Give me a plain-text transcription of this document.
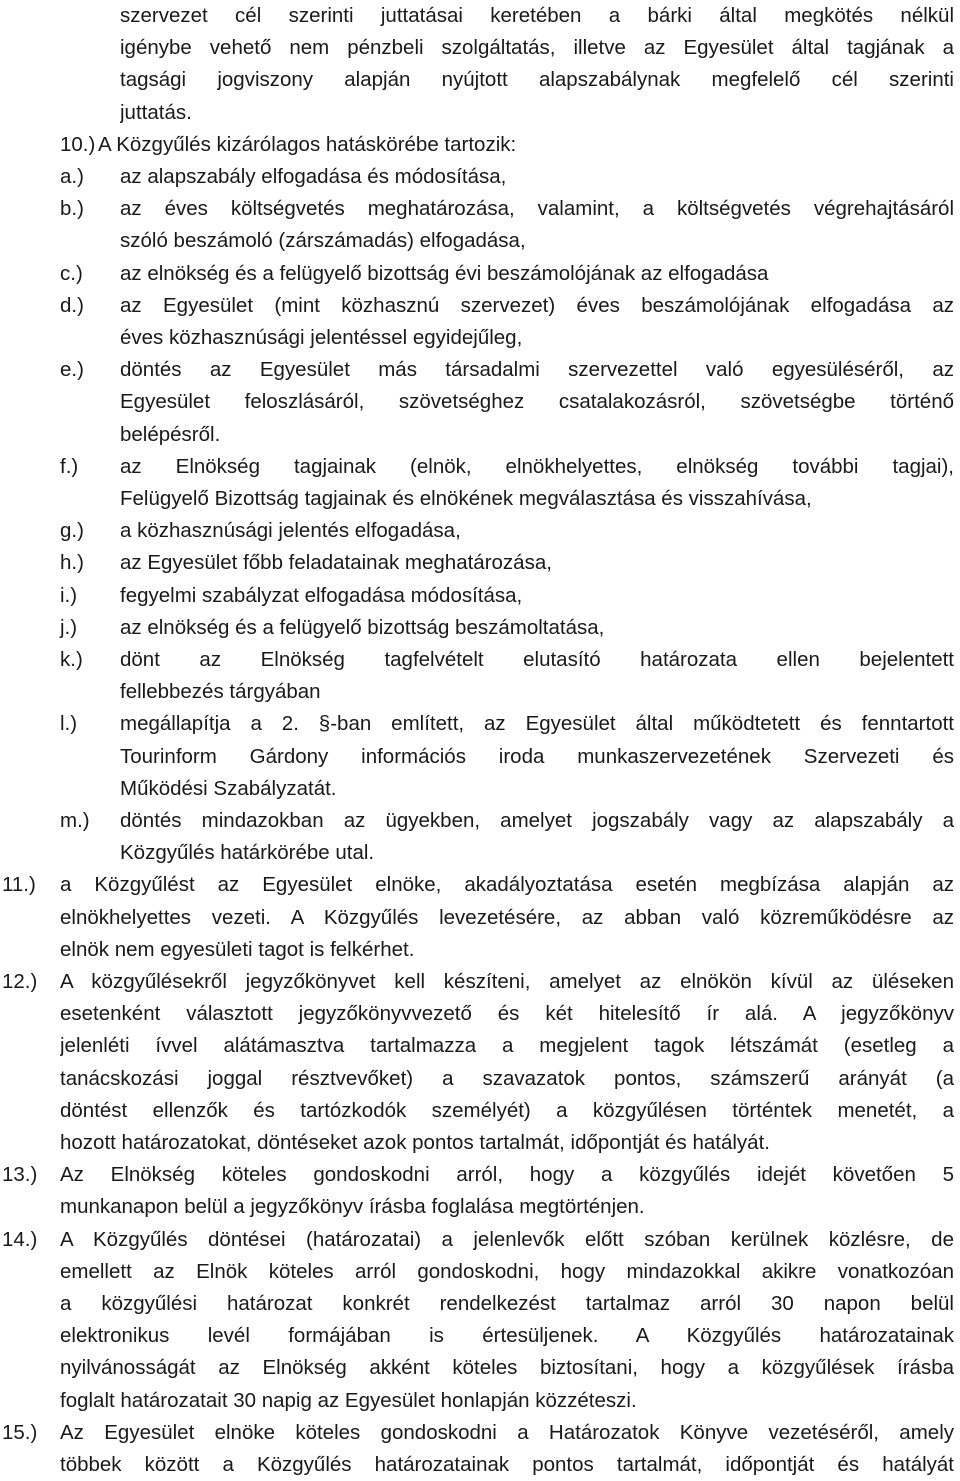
szervezet cél szerinti juttatásai keretében a bárki által megkötés nélkül
igénybe vehető nem pénzbeli szolgáltatás, illetve az Egyesület által tagjának a
tagsági jogviszony alapján nyújtott alapszabálynak megfelelő cél szerinti
juttatás.
10.) A Közgyűlés kizárólagos hatáskörébe tartozik:
a.) az alapszabály elfogadása és módosítása,
b.) az éves költségvetés meghatározása, valamint, a költségvetés végrehajtásáról
szóló beszámoló (zárszámadás) elfogadása,
c.) az elnökség és a felügyelő bizottság évi beszámolójának az elfogadása
d.) az Egyesület (mint közhasznú szervezet) éves beszámolójának elfogadása az
éves közhasznúsági jelentéssel egyidejűleg,
e.) döntés az Egyesület más társadalmi szervezettel való egyesüléséről, az
Egyesület feloszlásáról, szövetséghez csatalakozásról, szövetségbe történő
belépésről.
f.) az Elnökség tagjainak (elnök, elnökhelyettes, elnökség további tagjai),
Felügyelő Bizottság tagjainak és elnökének megválasztása és visszahívása,
g.) a közhasznúsági jelentés elfogadása,
h.) az Egyesület főbb feladatainak meghatározása,
i.) fegyelmi szabályzat elfogadása módosítása,
j.) az elnökség és a felügyelő bizottság beszámoltatása,
k.) dönt az Elnökség tagfelvételt elutasító határozata ellen bejelentett
fellebbezés tárgyában
l.) megállapítja a 2. §-ban említett, az Egyesület által működtetett és fenntartott
Tourinform Gárdony információs iroda munkaszervezetének Szervezeti és
Működési Szabályzatát.
m.) döntés mindazokban az ügyekben, amelyet jogszabály vagy az alapszabály a
Közgyűlés határkörébe utal.
11.) a Közgyűlést az Egyesület elnöke, akadályoztatása esetén megbízása alapján az
elnökhelyettes vezeti. A Közgyűlés levezetésére, az abban való közreműködésre az
elnök nem egyesületi tagot is felkérhet.
12.) A közgyűlésekről jegyzőkönyvet kell készíteni, amelyet az elnökön kívül az üléseken
esetenként választott jegyzőkönyvvezető és két hitelesítő ír alá. A jegyzőkönyv
jelenléti ívvel alátámasztva tartalmazza a megjelent tagok létszámát (esetleg a
tanácskozási joggal résztvevőket) a szavazatok pontos, számszerű arányát (a
döntést ellenzők és tartózkodók személyét) a közgyűlésen történtek menetét, a
hozott határozatokat, döntéseket azok pontos tartalmát, időpontját és hatályát.
13.) Az Elnökség köteles gondoskodni arról, hogy a közgyűlés idejét követően 5
munkanapon belül a jegyzőkönyv írásba foglalása megtörténjen.
14.) A Közgyűlés döntései (határozatai) a jelenlevők előtt szóban kerülnek közlésre, de
emellett az Elnök köteles arról gondoskodni, hogy mindazokkal akikre vonatkozóan
a közgyűlési határozat konkrét rendelkezést tartalmaz arról 30 napon belül
elektronikus levél formájában is értesüljenek. A Közgyűlés határozatainak
nyilvánosságát az Elnökség akként köteles biztosítani, hogy a közgyűlések írásba
foglalt határozatait 30 napig az Egyesület honlapján közzéteszi.
15.) Az Egyesület elnöke köteles gondoskodni a Határozatok Könyve vezetéséről, amely
többek között a Közgyűlés határozatainak pontos tartalmát, időpontját és hatályát
